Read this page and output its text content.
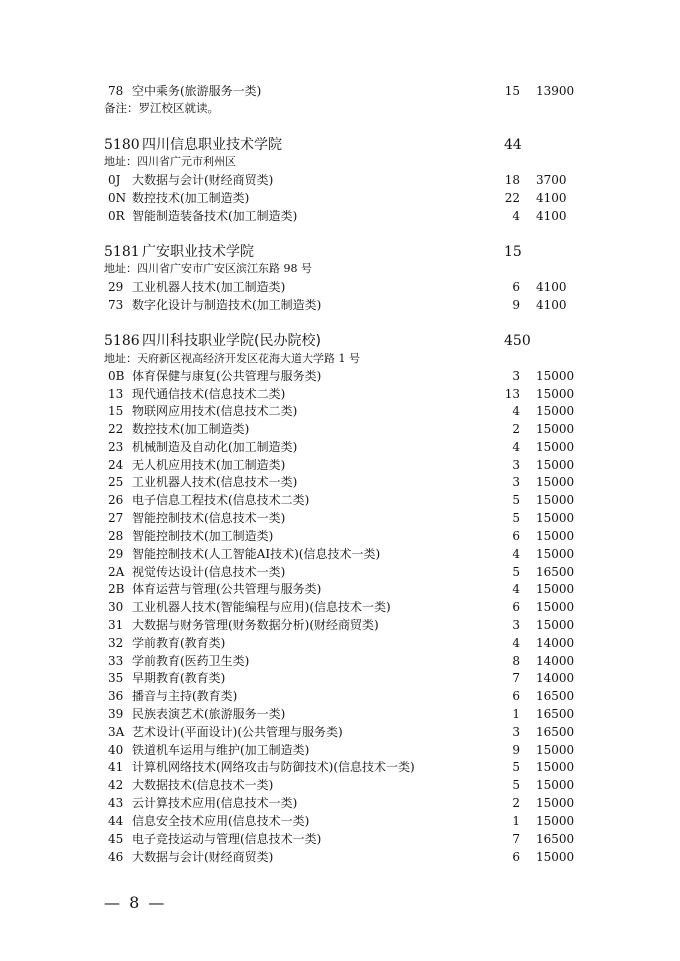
78 空中乘务(旅游服务一类)	15 13900
备注：罗江校区就读。
5180 四川信息职业技术学院	44
地址：四川省广元市利州区
0J 大数据与会计(财经商贸类)	18 3700
0N 数控技术(加工制造类)	22 4100
0R 智能制造装备技术(加工制造类)	4 4100
5181 广安职业技术学院	15
地址：四川省广安市广安区滨江东路 98 号
29 工业机器人技术(加工制造类)	6 4100
73 数字化设计与制造技术(加工制造类)	9 4100
5186 四川科技职业学院(民办院校)	450
地址：天府新区视高经济开发区花海大道大学路 1 号
0B 体育保健与康复(公共管理与服务类)	3 15000
13 现代通信技术(信息技术二类)	13 15000
15 物联网应用技术(信息技术二类)	4 15000
22 数控技术(加工制造类)	2 15000
23 机械制造及自动化(加工制造类)	4 15000
24 无人机应用技术(加工制造类)	3 15000
25 工业机器人技术(信息技术一类)	3 15000
26 电子信息工程技术(信息技术二类)	5 15000
27 智能控制技术(信息技术一类)	5 15000
28 智能控制技术(加工制造类)	6 15000
29 智能控制技术(人工智能AI技术)(信息技术一类)	4 15000
2A 视觉传达设计(信息技术一类)	5 16500
2B 体育运营与管理(公共管理与服务类)	4 15000
30 工业机器人技术(智能编程与应用)(信息技术一类)	6 15000
31 大数据与财务管理(财务数据分析)(财经商贸类)	3 15000
32 学前教育(教育类)	4 14000
33 学前教育(医药卫生类)	8 14000
35 早期教育(教育类)	7 14000
36 播音与主持(教育类)	6 16500
39 民族表演艺术(旅游服务一类)	1 16500
3A 艺术设计(平面设计)(公共管理与服务类)	3 16500
40 铁道机车运用与维护(加工制造类)	9 15000
41 计算机网络技术(网络攻击与防御技术)(信息技术一类)	5 15000
42 大数据技术(信息技术一类)	5 15000
43 云计算技术应用(信息技术一类)	2 15000
44 信息安全技术应用(信息技术一类)	1 15000
45 电子竞技运动与管理(信息技术一类)	7 16500
46 大数据与会计(财经商贸类)	6 15000
— 8 —
